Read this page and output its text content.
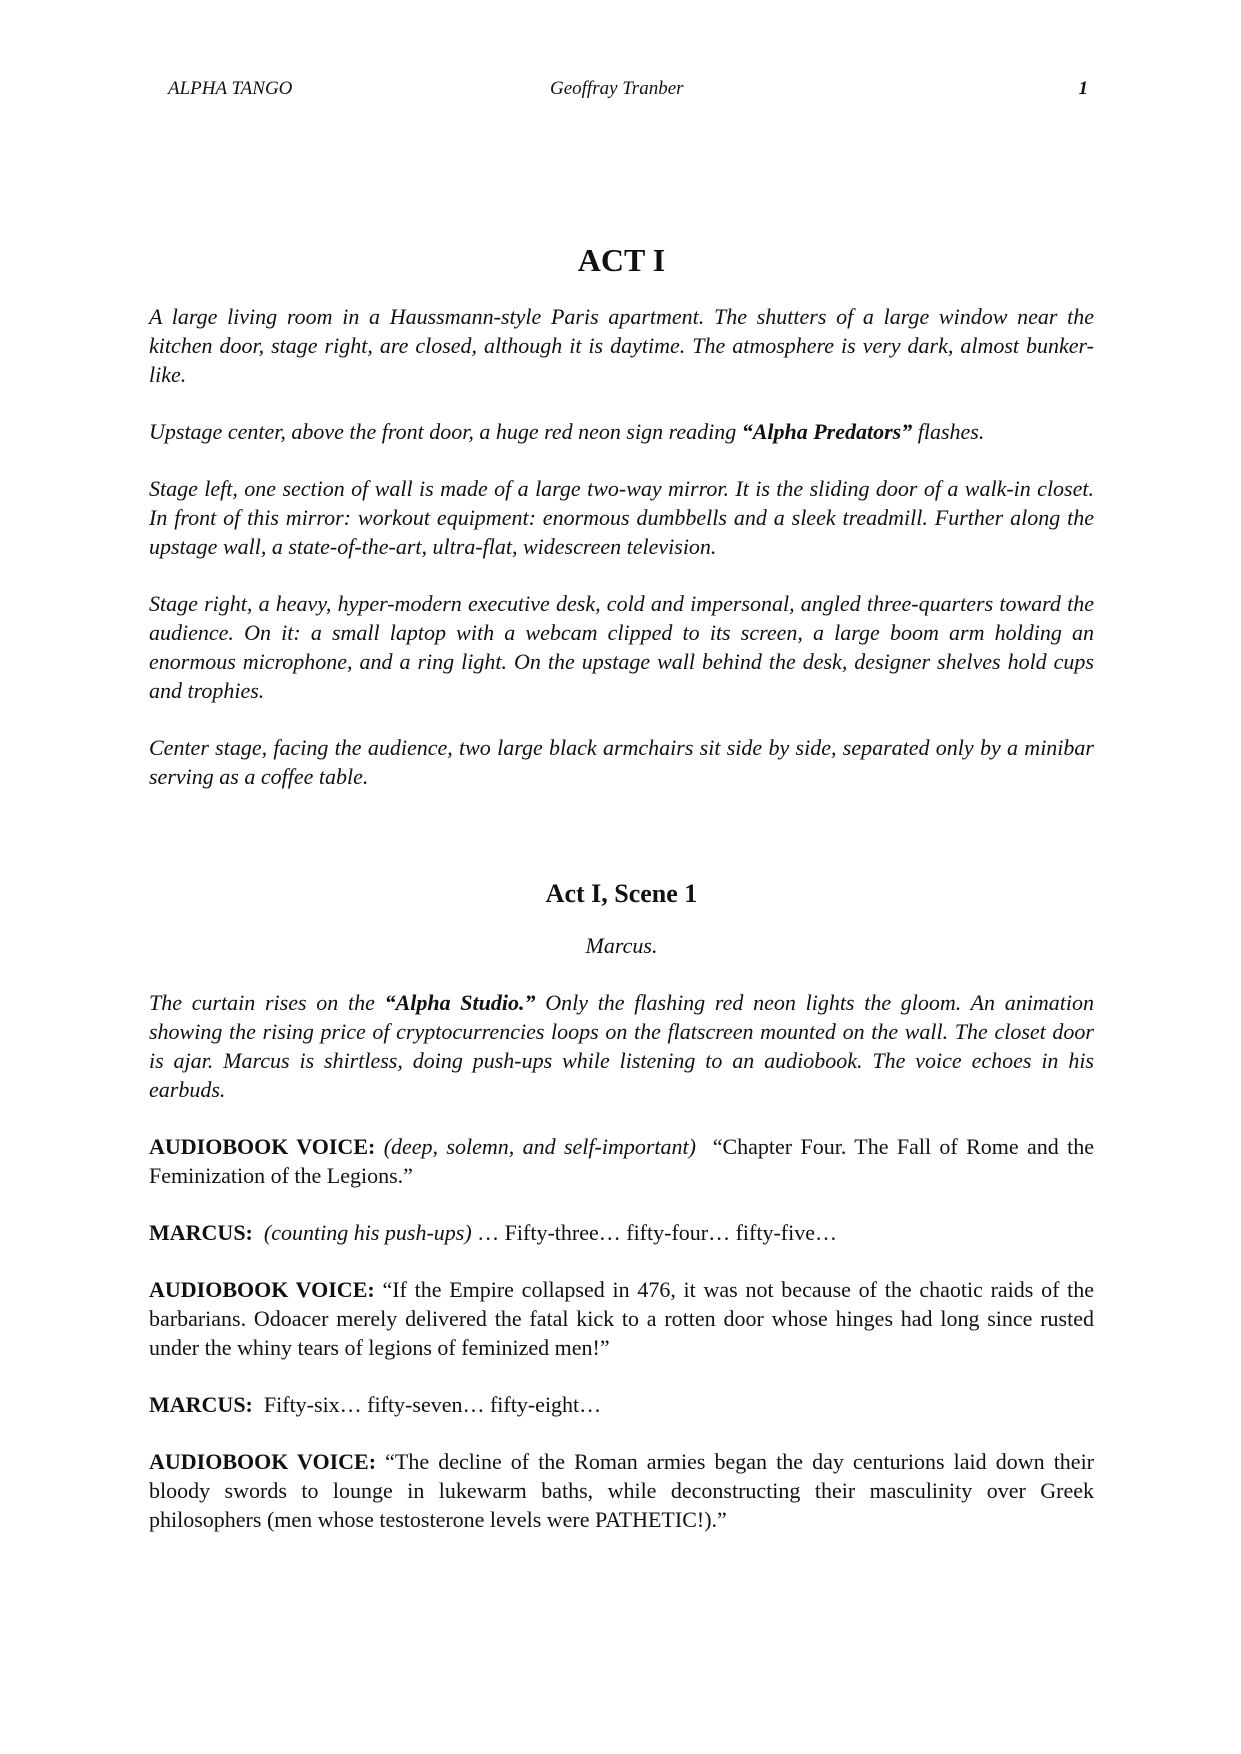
ALPHA TANGO	Geoffray Tranber	1
ACT I

A large living room in a Haussmann-style Paris apartment. The shutters of a large window near the kitchen door, stage right, are closed, although it is daytime. The atmosphere is very dark, almost bunker-like.

Upstage center, above the front door, a huge red neon sign reading “Alpha Predators” flashes.

Stage left, one section of wall is made of a large two-way mirror. It is the sliding door of a walk-in closet. In front of this mirror: workout equipment: enormous dumbbells and a sleek treadmill. Further along the upstage wall, a state-of-the-art, ultra-flat, widescreen television.

Stage right, a heavy, hyper-modern executive desk, cold and impersonal, angled three-quarters toward the audience. On it: a small laptop with a webcam clipped to its screen, a large boom arm holding an enormous microphone, and a ring light. On the upstage wall behind the desk, designer shelves hold cups and trophies.

Center stage, facing the audience, two large black armchairs sit side by side, separated only by a minibar serving as a coffee table.

Act I, Scene 1

Marcus.

The curtain rises on the “Alpha Studio.” Only the flashing red neon lights the gloom. An animation showing the rising price of cryptocurrencies loops on the flatscreen mounted on the wall. The closet door is ajar. Marcus is shirtless, doing push-ups while listening to an audiobook. The voice echoes in his earbuds.

AUDIOBOOK VOICE: (deep, solemn, and self-important) “Chapter Four. The Fall of Rome and the Feminization of the Legions.”

MARCUS: (counting his push-ups) … Fifty-three… fifty-four… fifty-five…

AUDIOBOOK VOICE: “If the Empire collapsed in 476, it was not because of the chaotic raids of the barbarians. Odoacer merely delivered the fatal kick to a rotten door whose hinges had long since rusted under the whiny tears of legions of feminized men!”

MARCUS: Fifty-six… fifty-seven… fifty-eight…

AUDIOBOOK VOICE: “The decline of the Roman armies began the day centurions laid down their bloody swords to lounge in lukewarm baths, while deconstructing their masculinity over Greek philosophers (men whose testosterone levels were PATHETIC!).”
